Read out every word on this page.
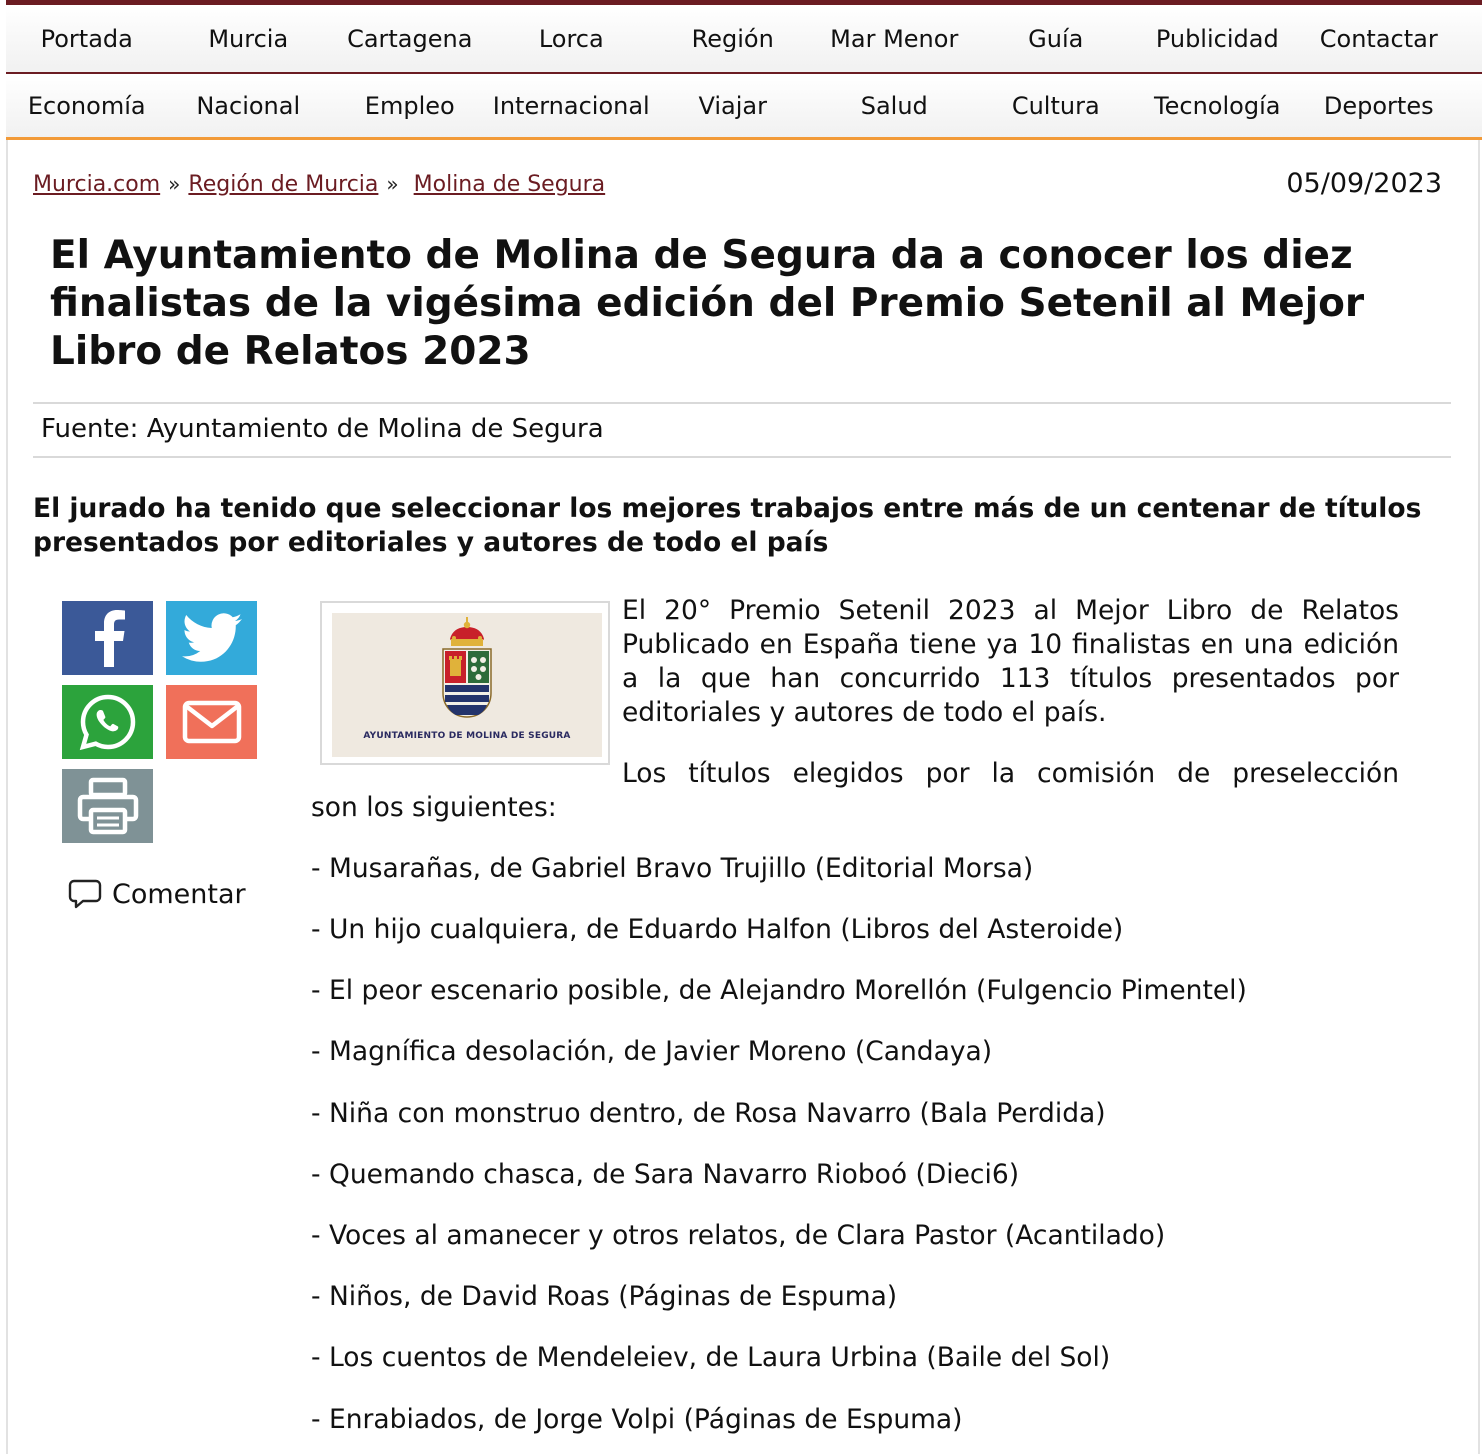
Portada	Murcia	Cartagena	Lorca	Región	Mar Menor	Guía	Publicidad	Contactar
Economía	Nacional	Empleo	Internacional	Viajar	Salud	Cultura	Tecnología	Deportes
Murcia.com » Región de Murcia » Molina de Segura	05/09/2023
El Ayuntamiento de Molina de Segura da a conocer los diez finalistas de la vigésima edición del Premio Setenil al Mejor Libro de Relatos 2023
Fuente: Ayuntamiento de Molina de Segura

El jurado ha tenido que seleccionar los mejores trabajos entre más de un centenar de títulos presentados por editoriales y autores de todo el país

Comentar
AYUNTAMIENTO DE MOLINA DE SEGURA

El 20° Premio Setenil 2023 al Mejor Libro de Relatos Publicado en España tiene ya 10 finalistas en una edición a la que han concurrido 113 títulos presentados por editoriales y autores de todo el país.

Los títulos elegidos por la comisión de preselección

son los siguientes:

- Musarañas, de Gabriel Bravo Trujillo (Editorial Morsa)

- Un hijo cualquiera, de Eduardo Halfon (Libros del Asteroide)

- El peor escenario posible, de Alejandro Morellón (Fulgencio Pimentel)

- Magnífica desolación, de Javier Moreno (Candaya)

- Niña con monstruo dentro, de Rosa Navarro (Bala Perdida)

- Quemando chasca, de Sara Navarro Rioboó (Dieci6)

- Voces al amanecer y otros relatos, de Clara Pastor (Acantilado)

- Niños, de David Roas (Páginas de Espuma)

- Los cuentos de Mendeleiev, de Laura Urbina (Baile del Sol)

- Enrabiados, de Jorge Volpi (Páginas de Espuma)
